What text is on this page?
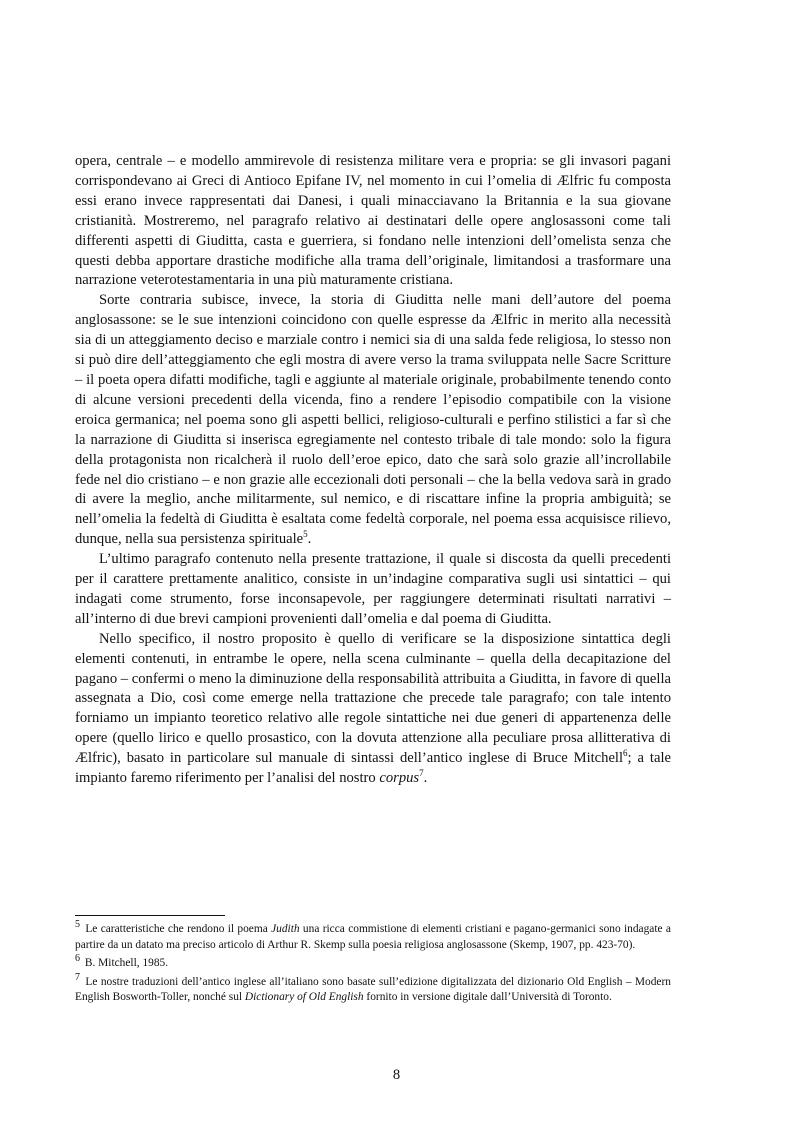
opera, centrale – e modello ammirevole di resistenza militare vera e propria: se gli invasori pagani corrispondevano ai Greci di Antioco Epifane IV, nel momento in cui l’omelia di Ælfric fu composta essi erano invece rappresentati dai Danesi, i quali minacciavano la Britannia e la sua giovane cristianità. Mostreremo, nel paragrafo relativo ai destinatari delle opere anglosassoni come tali differenti aspetti di Giuditta, casta e guerriera, si fondano nelle intenzioni dell’omelista senza che questi debba apportare drastiche modifiche alla trama dell’originale, limitandosi a trasformare una narrazione veterotestamentaria in una più maturamente cristiana.

Sorte contraria subisce, invece, la storia di Giuditta nelle mani dell’autore del poema anglosassone: se le sue intenzioni coincidono con quelle espresse da Ælfric in merito alla necessità sia di un atteggiamento deciso e marziale contro i nemici sia di una salda fede religiosa, lo stesso non si può dire dell’atteggiamento che egli mostra di avere verso la trama sviluppata nelle Sacre Scritture – il poeta opera difatti modifiche, tagli e aggiunte al materiale originale, probabilmente tenendo conto di alcune versioni precedenti della vicenda, fino a rendere l’episodio compatibile con la visione eroica germanica; nel poema sono gli aspetti bellici, religioso-culturali e perfino stilistici a far sì che la narrazione di Giuditta si inserisca egregiamente nel contesto tribale di tale mondo: solo la figura della protagonista non ricalcherà il ruolo dell’eroe epico, dato che sarà solo grazie all’incrollabile fede nel dio cristiano – e non grazie alle eccezionali doti personali – che la bella vedova sarà in grado di avere la meglio, anche militarmente, sul nemico, e di riscattare infine la propria ambiguità; se nell’omelia la fedeltà di Giuditta è esaltata come fedeltà corporale, nel poema essa acquisisce rilievo, dunque, nella sua persistenza spirituale$^5$.

L’ultimo paragrafo contenuto nella presente trattazione, il quale si discosta da quelli precedenti per il carattere prettamente analitico, consiste in un’indagine comparativa sugli usi sintattici – qui indagati come strumento, forse inconsapevole, per raggiungere determinati risultati narrativi – all’interno di due brevi campioni provenienti dall’omelia e dal poema di Giuditta.

Nello specifico, il nostro proposito è quello di verificare se la disposizione sintattica degli elementi contenuti, in entrambe le opere, nella scena culminante – quella della decapitazione del pagano – confermi o meno la diminuzione della responsabilità attribuita a Giuditta, in favore di quella assegnata a Dio, così come emerge nella trattazione che precede tale paragrafo; con tale intento forniamo un impianto teoretico relativo alle regole sintattiche nei due generi di appartenenza delle opere (quello lirico e quello prosastico, con la dovuta attenzione alla peculiare prosa allitterativa di Ælfric), basato in particolare sul manuale di sintassi dell’antico inglese di Bruce Mitchell$^6$; a tale impianto faremo riferimento per l’analisi del nostro corpus$^7$.

5 Le caratteristiche che rendono il poema Judith una ricca commistione di elementi cristiani e pagano-germanici sono indagate a partire da un datato ma preciso articolo di Arthur R. Skemp sulla poesia religiosa anglosassone (Skemp, 1907, pp. 423-70).

6 B. Mitchell, 1985.

7 Le nostre traduzioni dell’antico inglese all’italiano sono basate sull’edizione digitalizzata del dizionario Old English – Modern English Bosworth-Toller, nonché sul Dictionary of Old English fornito in versione digitale dall’Università di Toronto.

8
